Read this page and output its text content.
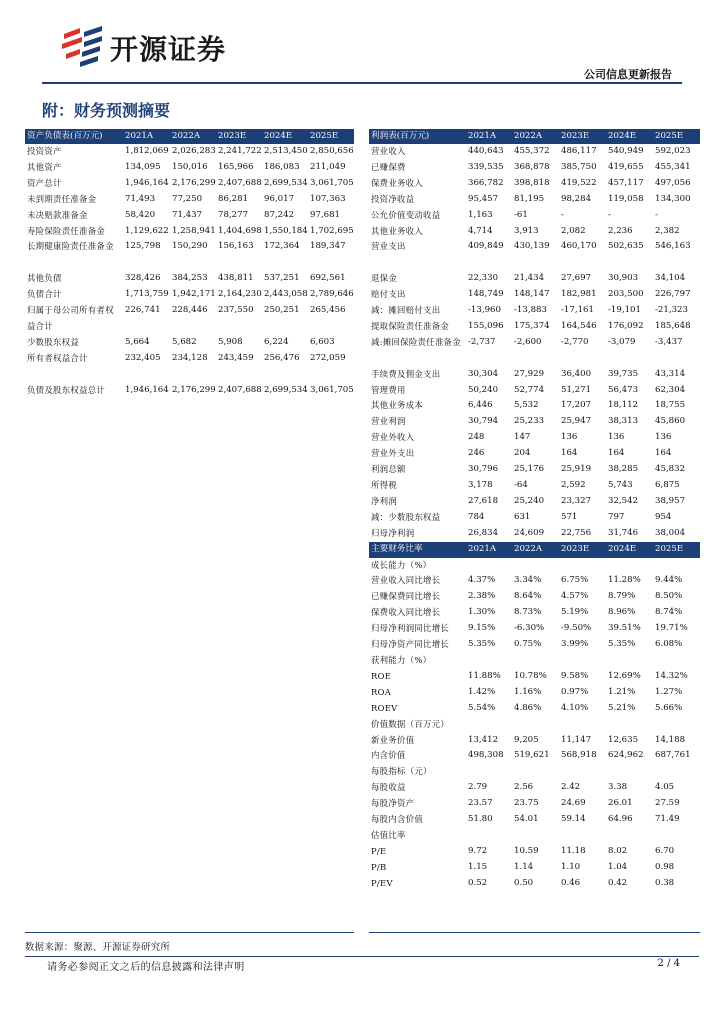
开源证券
公司信息更新报告
附：财务预测摘要
资产负债表(百万元)	2021A	2022A	2023E	2024E	2025E
投资资产	1,812,069	2,026,283	2,241,722	2,513,450	2,850,656
其他资产	134,095	150,016	165,966	186,083	211,049
资产总计	1,946,164	2,176,299	2,407,688	2,699,534	3,061,705
未到期责任准备金	71,493	77,250	86,281	96,017	107,363
未决赔款准备金	58,420	71,437	78,277	87,242	97,681
寿险保险责任准备金	1,129,622	1,258,941	1,404,698	1,550,184	1,702,695
长期健康险责任准备金	125,798	150,290	156,163	172,364	189,347
其他负债	328,426	384,253	438,811	537,251	692,561
负债合计	1,713,759	1,942,171	2,164,230	2,443,058	2,789,646
归属于母公司所有者权益合计	226,741	228,446	237,550	250,251	265,456
少数股东权益	5,664	5,682	5,908	6,224	6,603
所有者权益合计	232,405	234,128	243,459	256,476	272,059

负债及股东权益总计	1,946,164	2,176,299	2,407,688	2,699,534	3,061,705
利润表(百万元)	2021A	2022A	2023E	2024E	2025E
营业收入	440,643	455,372	486,117	540,949	592,023
已赚保费	339,535	368,878	385,750	419,655	455,341
保费业务收入	366,782	398,818	419,522	457,117	497,056
投资净收益	95,457	81,195	98,284	119,058	134,300
公允价值变动收益	1,163	-61	-	-	-
其他业务收入	4,714	3,913	2,082	2,236	2,382
营业支出	409,849	430,139	460,170	502,635	546,163
退保金	22,330	21,434	27,697	30,903	34,104
赔付支出	148,749	148,147	182,981	203,500	226,797
减：摊回赔付支出	-13,960	-13,883	-17,161	-19,101	-21,323
提取保险责任准备金	155,096	175,374	164,546	176,092	185,648
减:摊回保险责任准备金	-2,737	-2,600	-2,770	-3,079	-3,437
手续费及佣金支出	30,304	27,929	36,400	39,735	43,314
管理费用	50,240	52,774	51,271	56,473	62,304
其他业务成本	6,446	5,532	17,207	18,112	18,755
营业利润	30,794	25,233	25,947	38,313	45,860
营业外收入	248	147	136	136	136
营业外支出	246	204	164	164	164
利润总额	30,796	25,176	25,919	38,285	45,832
所得税	3,178	-64	2,592	5,743	6,875
净利润	27,618	25,240	23,327	32,542	38,957
减：少数股东权益	784	631	571	797	954
归母净利润	26,834	24,609	22,756	31,746	38,004
主要财务比率	2021A	2022A	2023E	2024E	2025E
成长能力（%）					
营业收入同比增长	4.37%	3.34%	6.75%	11.28%	9.44%
已赚保费同比增长	2.38%	8.64%	4.57%	8.79%	8.50%
保费收入同比增长	1.30%	8.73%	5.19%	8.96%	8.74%
归母净利润同比增长	9.15%	-6.30%	-9.50%	39.51%	19.71%
归母净资产同比增长	5.35%	0.75%	3.99%	5.35%	6.08%
获利能力（%）					
ROE	11.88%	10.78%	9.58%	12.69%	14.32%
ROA	1.42%	1.16%	0.97%	1.21%	1.27%
ROEV	5.54%	4.86%	4.10%	5.21%	5.66%
价值数据（百万元）					
新业务价值	13,412	9,205	11,147	12,635	14,188
内含价值	498,308	519,621	568,918	624,962	687,761
每股指标（元）					
每股收益	2.79	2.56	2.42	3.38	4.05
每股净资产	23.57	23.75	24.69	26.01	27.59
每股内含价值	51.80	54.01	59.14	64.96	71.49
估值比率					
P/E	9.72	10.59	11.18	8.02	6.70
P/B	1.15	1.14	1.10	1.04	0.98
P/EV	0.52	0.50	0.46	0.42	0.38
数据来源：聚源、开源证券研究所
请务必参阅正文之后的信息披露和法律声明	2 / 4
